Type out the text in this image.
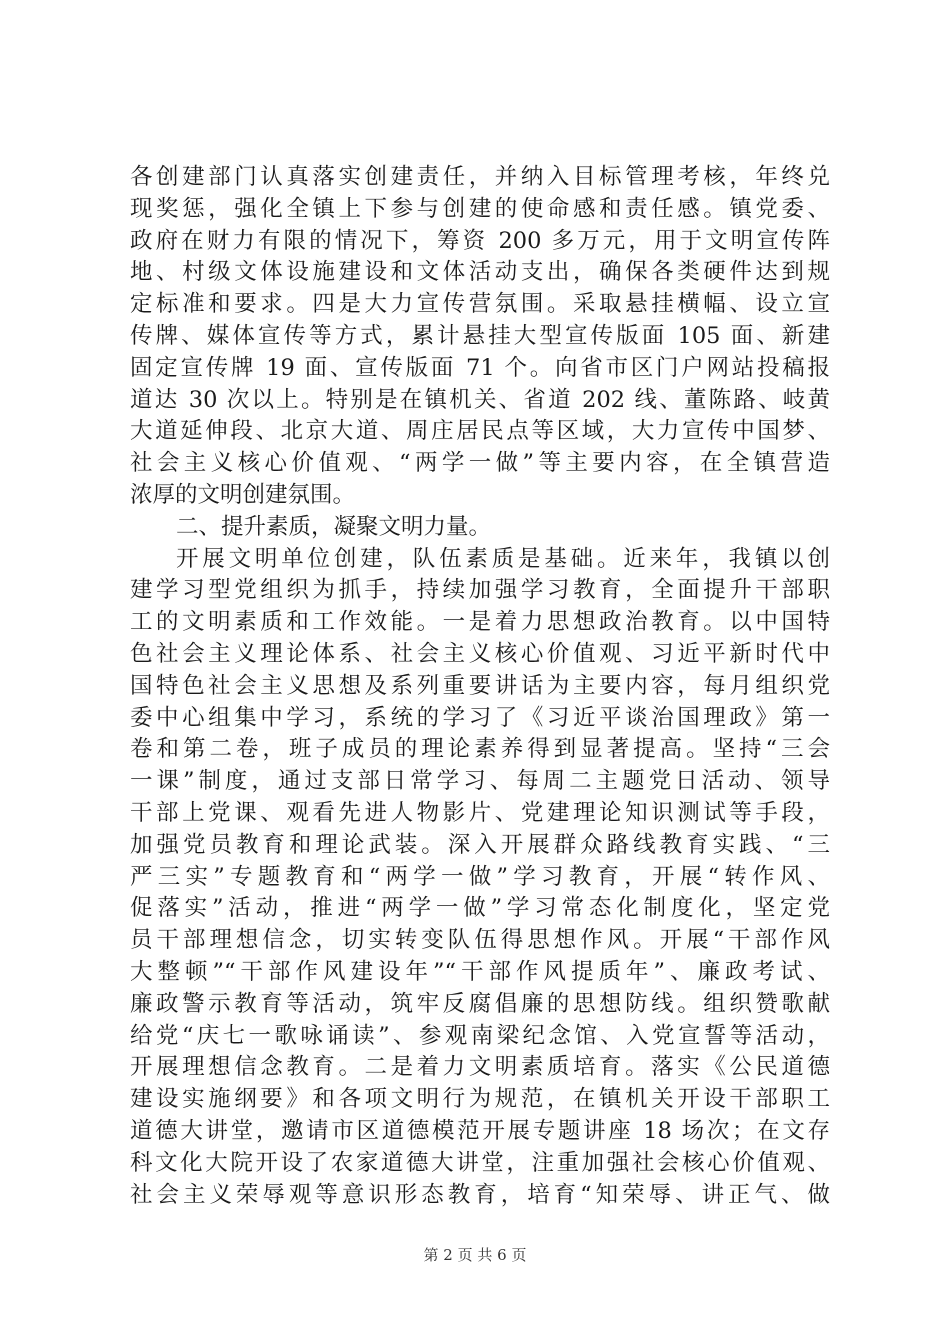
各创建部门认真落实创建责任，并纳入目标管理考核，年终兑
现奖惩，强化全镇上下参与创建的使命感和责任感。镇党委、
政府在财力有限的情况下，筹资 200 多万元，用于文明宣传阵
地、村级文体设施建设和文体活动支出，确保各类硬件达到规
定标准和要求。四是大力宣传营氛围。采取悬挂横幅、设立宣
传牌、媒体宣传等方式，累计悬挂大型宣传版面 105 面、新建
固定宣传牌 19 面、宣传版面 71 个。向省市区门户网站投稿报
道达 30 次以上。特别是在镇机关、省道 202 线、董陈路、岐黄
大道延伸段、北京大道、周庄居民点等区域，大力宣传中国梦、
社会主义核心价值观、“两学一做”等主要内容，在全镇营造
浓厚的文明创建氛围。
二、提升素质，凝聚文明力量。
开展文明单位创建，队伍素质是基础。近来年，我镇以创
建学习型党组织为抓手，持续加强学习教育，全面提升干部职
工的文明素质和工作效能。一是着力思想政治教育。以中国特
色社会主义理论体系、社会主义核心价值观、习近平新时代中
国特色社会主义思想及系列重要讲话为主要内容，每月组织党
委中心组集中学习，系统的学习了《习近平谈治国理政》第一
卷和第二卷，班子成员的理论素养得到显著提高。坚持“三会
一课”制度，通过支部日常学习、每周二主题党日活动、领导
干部上党课、观看先进人物影片、党建理论知识测试等手段，
加强党员教育和理论武装。深入开展群众路线教育实践、“三
严三实”专题教育和“两学一做”学习教育，开展“转作风、
促落实”活动，推进“两学一做”学习常态化制度化，坚定党
员干部理想信念，切实转变队伍得思想作风。开展“干部作风
大整顿”“干部作风建设年”“干部作风提质年”、廉政考试、
廉政警示教育等活动，筑牢反腐倡廉的思想防线。组织赞歌献
给党“庆七一歌咏诵读”、参观南梁纪念馆、入党宣誓等活动，
开展理想信念教育。二是着力文明素质培育。落实《公民道德
建设实施纲要》和各项文明行为规范，在镇机关开设干部职工
道德大讲堂，邀请市区道德模范开展专题讲座 18 场次；在文存
科文化大院开设了农家道德大讲堂，注重加强社会核心价值观、
社会主义荣辱观等意识形态教育，培育“知荣辱、讲正气、做
第 2 页 共 6 页
